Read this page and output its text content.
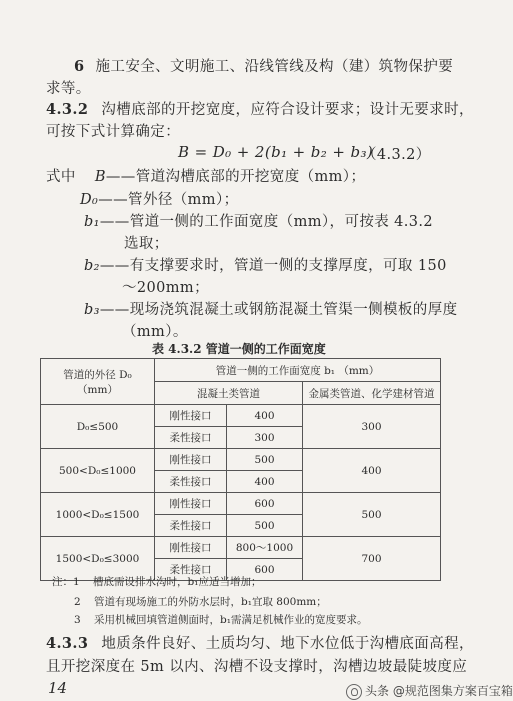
6 施工安全、文明施工、沿线管线及构（建）筑物保护要
求等。
4.3.2 沟槽底部的开挖宽度，应符合设计要求；设计无要求时，
可按下式计算确定：
B = D₀ + 2(b₁ + b₂ + b₃)
（4.3.2）
式中 B——管道沟槽底部的开挖宽度（mm）；
D₀——管外径（mm）；
b₁——管道一侧的工作面宽度（mm），可按表 4.3.2
选取；
b₂——有支撑要求时，管道一侧的支撑厚度，可取 150
～200mm；
b₃——现场浇筑混凝土或钢筋混凝土管渠一侧模板的厚度
（mm）。
表 4.3.2 管道一侧的工作面宽度
管道的外径 D₀
（mm）	管道一侧的工作面宽度 b₁ （mm）		
	混凝土类管道		金属类管道、化学建材管道
D₀≤500	刚性接口	400	300
	柔性接口	300	
500<D₀≤1000	刚性接口	500	400
	柔性接口	400	
1000<D₀≤1500	刚性接口	600	500
	柔性接口	500	
1500<D₀≤3000	刚性接口	800～1000	700
	柔性接口	600	
注：1 槽底需设排水沟时，b₁应适当增加；
2 管道有现场施工的外防水层时，b₁宜取 800mm；
3 采用机械回填管道侧面时，b₁需满足机械作业的宽度要求。
4.3.3 地质条件良好、土质均匀、地下水位低于沟槽底面高程，
且开挖深度在 5m 以内、沟槽不设支撑时，沟槽边坡最陡坡度应
14	头条 @规范图集方案百宝箱
